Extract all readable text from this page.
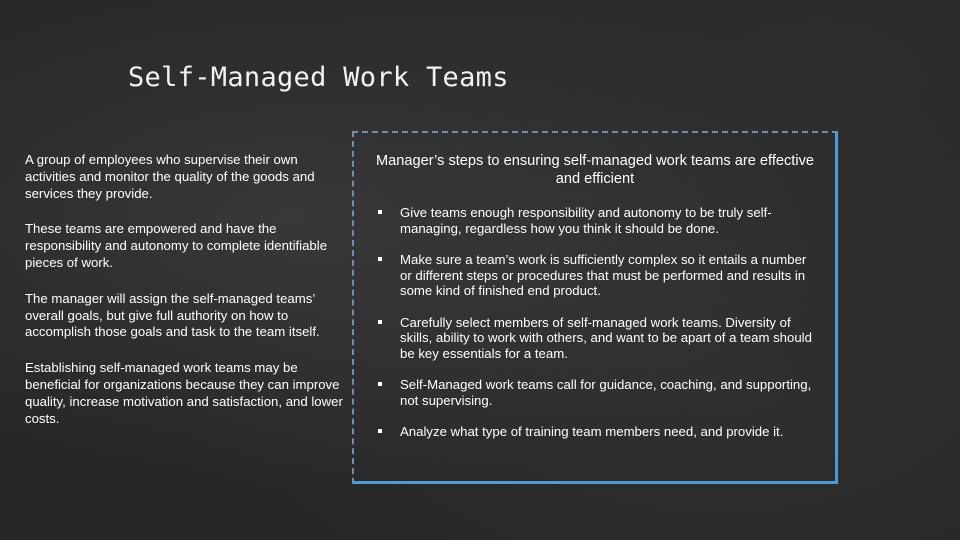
Self-Managed Work Teams

A group of employees who supervise their own activities and monitor the quality of the goods and services they provide.

These teams are empowered and have the responsibility and autonomy to complete identifiable pieces of work.

The manager will assign the self-managed teams’ overall goals, but give full authority on how to accomplish those goals and task to the team itself.

Establishing self-managed work teams may be beneficial for organizations because they can improve quality, increase motivation and satisfaction, and lower costs.

Manager’s steps to ensuring self-managed work teams are effective and efficient
Give teams enough responsibility and autonomy to be truly self-managing, regardless how you think it should be done.
Make sure a team’s work is sufficiently complex so it entails a number or different steps or procedures that must be performed and results in some kind of finished end product.
Carefully select members of self-managed work teams. Diversity of skills, ability to work with others, and want to be apart of a team should be key essentials for a team.
Self-Managed work teams call for guidance, coaching, and supporting, not supervising.
Analyze what type of training team members need, and provide it.
